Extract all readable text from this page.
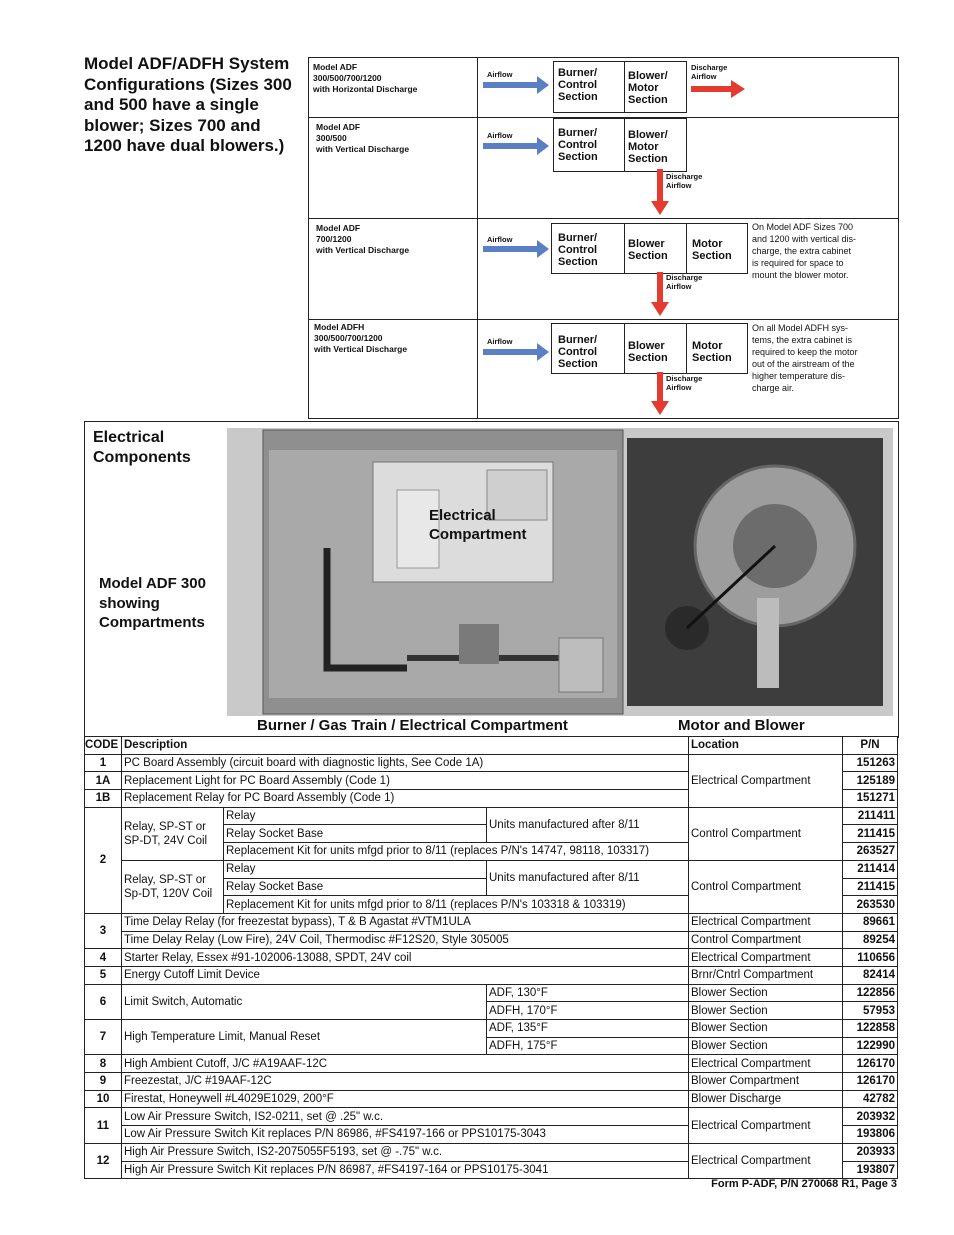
Model ADF/ADFH System Configurations (Sizes 300 and 500 have a single blower; Sizes 700 and 1200 have dual blowers.)
Model ADF
300/500/700/1200
with Horizontal Discharge
Airflow	Burner/ Control Section
Blower/ Motor Section
Discharge Airflow
Model ADF
300/500
with Vertical Discharge
Airflow	Burner/ Control Section
Blower/ Motor Section
Discharge
Airflow
Model ADF
700/1200
with Vertical Discharge
Airflow	Burner/ Control Section
Blower Section
Motor Section
Discharge
Airflow
On Model ADF Sizes 700
and 1200 with vertical dis-
charge, the extra cabinet
is required for space to
mount the blower motor.
Model ADFH
300/500/700/1200
with Vertical Discharge
Airflow	Burner/ Control Section
Blower Section
Motor Section
Discharge
Airflow
On all Model ADFH sys-
tems, the extra cabinet is
required to keep the motor
out of the airstream of the
higher temperature dis-
charge air.
Electrical Components
Electrical Compartment
Model ADF 300 showing Compartments
Burner / Gas Train / Electrical Compartment	Motor and Blower
CODE	Description			Location	P/N
1	PC Board Assembly (circuit board with diagnostic lights, See Code 1A)			Electrical Compartment	151263
1A	Replacement Light for PC Board Assembly (Code 1)				125189
1B	Replacement Relay for PC Board Assembly (Code 1)				151271
2	Relay, SP-ST or SP-DT, 24V Coil	Relay	Units manufactured after 8/11	Control Compartment	211411
		Relay Socket Base			211415
		Replacement Kit for units mfgd prior to 8/11 (replaces P/N's 14747, 98118, 103317)			263527
	Relay, SP-ST or Sp-DT, 120V Coil	Relay	Units manufactured after 8/11	Control Compartment	211414
		Relay Socket Base			211415
		Replacement Kit for units mfgd prior to 8/11 (replaces P/N's 103318 & 103319)			263530
3	Time Delay Relay (for freezestat bypass), T & B Agastat #VTM1ULA			Electrical Compartment	89661
	Time Delay Relay (Low Fire), 24V Coil, Thermodisc #F12S20, Style 305005			Control Compartment	89254
4	Starter Relay, Essex #91-102006-13088, SPDT, 24V coil			Electrical Compartment	110656
5	Energy Cutoff Limit Device			Brnr/Cntrl Compartment	82414
6	Limit Switch, Automatic		ADF, 130°F	Blower Section	122856
			ADFH, 170°F	Blower Section	57953
7	High Temperature Limit, Manual Reset		ADF, 135°F	Blower Section	122858
			ADFH, 175°F	Blower Section	122990
8	High Ambient Cutoff, J/C #A19AAF-12C			Electrical Compartment	126170
9	Freezestat, J/C #19AAF-12C			Blower Compartment	126170
10	Firestat, Honeywell #L4029E1029, 200°F			Blower Discharge	42782
11	Low Air Pressure Switch, IS2-0211, set @ .25" w.c.			Electrical Compartment	203932
	Low Air Pressure Switch Kit replaces P/N 86986, #FS4197-166 or PPS10175-3043				193806
12	High Air Pressure Switch, IS2-2075055F5193, set @ -.75" w.c.			Electrical Compartment	203933
	High Air Pressure Switch Kit replaces P/N 86987, #FS4197-164 or PPS10175-3041				193807
Form P-ADF, P/N 270068 R1, Page 3
